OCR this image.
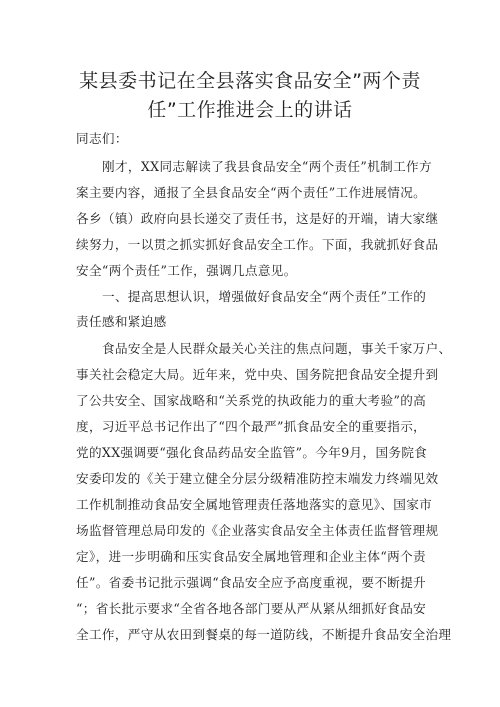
某县委书记在全县落实食品安全”两个责
任”工作推进会上的讲话
同志们：
刚才，XX同志解读了我县食品安全“两个责任”机制工作方
案主要内容，通报了全县食品安全“两个责任”工作进展情况。
各乡（镇）政府向县长递交了责任书，这是好的开端，请大家继
续努力，一以贯之抓实抓好食品安全工作。下面，我就抓好食品
安全“两个责任”工作，强调几点意见。
一、提高思想认识，增强做好食品安全“两个责任”工作的
责任感和紧迫感
食品安全是人民群众最关心关注的焦点问题，事关千家万户、
事关社会稳定大局。近年来，党中央、国务院把食品安全提升到
了公共安全、国家战略和“关系党的执政能力的重大考验”的高
度，习近平总书记作出了“四个最严”抓食品安全的重要指示，
党的XX强调要“强化食品药品安全监管”。今年9月，国务院食
安委印发的《关于建立健全分层分级精准防控末端发力终端见效
工作机制推动食品安全属地管理责任落地落实的意见》、国家市
场监督管理总局印发的《企业落实食品安全主体责任监督管理规
定》，进一步明确和压实食品安全属地管理和企业主体“两个责
任”。省委书记批示强调“食品安全应予高度重视，要不断提升
“；省长批示要求“全省各地各部门要从严从紧从细抓好食品安
全工作，严守从农田到餐桌的每一道防线，不断提升食品安全治理
